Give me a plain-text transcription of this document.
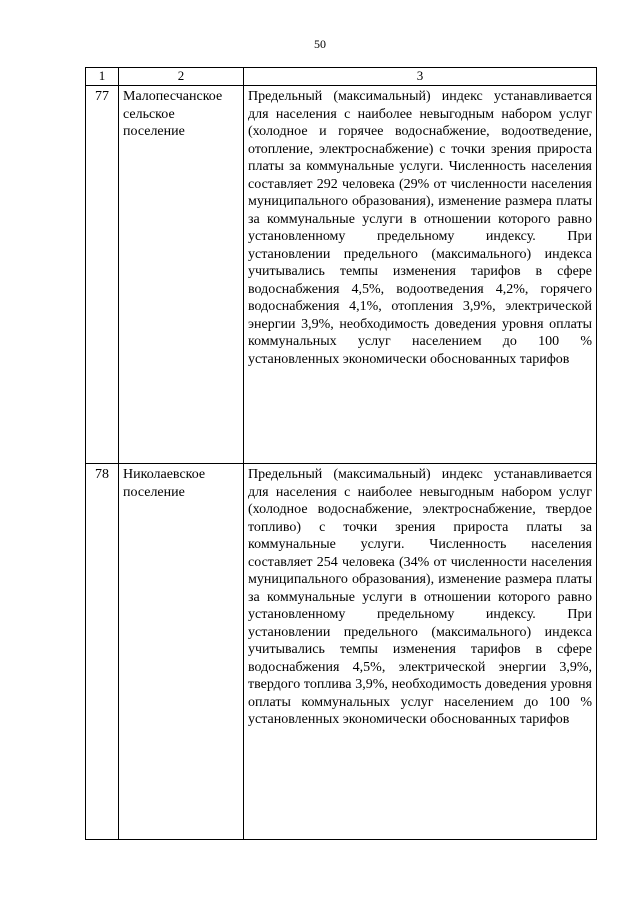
50
1	2	3
77	Малопесчанское сельское поселение	Предельный (максимальный) индекс устанавливается для населения с наиболее невыгодным набором услуг (холодное и горячее водоснабжение, водоотведение, отопление, электроснабжение) с точки зрения прироста платы за коммунальные услуги. Численность населения составляет 292 человека (29% от численности населения муниципального образования), изменение размера платы за коммунальные услуги в отношении которого равно установленному предельному индексу. При установлении предельного (максимального) индекса учитывались темпы изменения тарифов в сфере водоснабжения 4,5%, водоотведения 4,2%, горячего водоснабжения 4,1%, отопления 3,9%, электрической энергии 3,9%, необходимость доведения уровня оплаты коммунальных услуг населением до 100 % установленных экономически обоснованных тарифов
78	Николаевское поселение	Предельный (максимальный) индекс устанавливается для населения с наиболее невыгодным набором услуг (холодное водоснабжение, электроснабжение, твердое топливо) с точки зрения прироста платы за коммунальные услуги. Численность населения составляет 254 человека (34% от численности населения муниципального образования), изменение размера платы за коммунальные услуги в отношении которого равно установленному предельному индексу. При установлении предельного (максимального) индекса учитывались темпы изменения тарифов в сфере водоснабжения 4,5%, электрической энергии 3,9%, твердого топлива 3,9%, необходимость доведения уровня оплаты коммунальных услуг населением до 100 % установленных экономически обоснованных тарифов
